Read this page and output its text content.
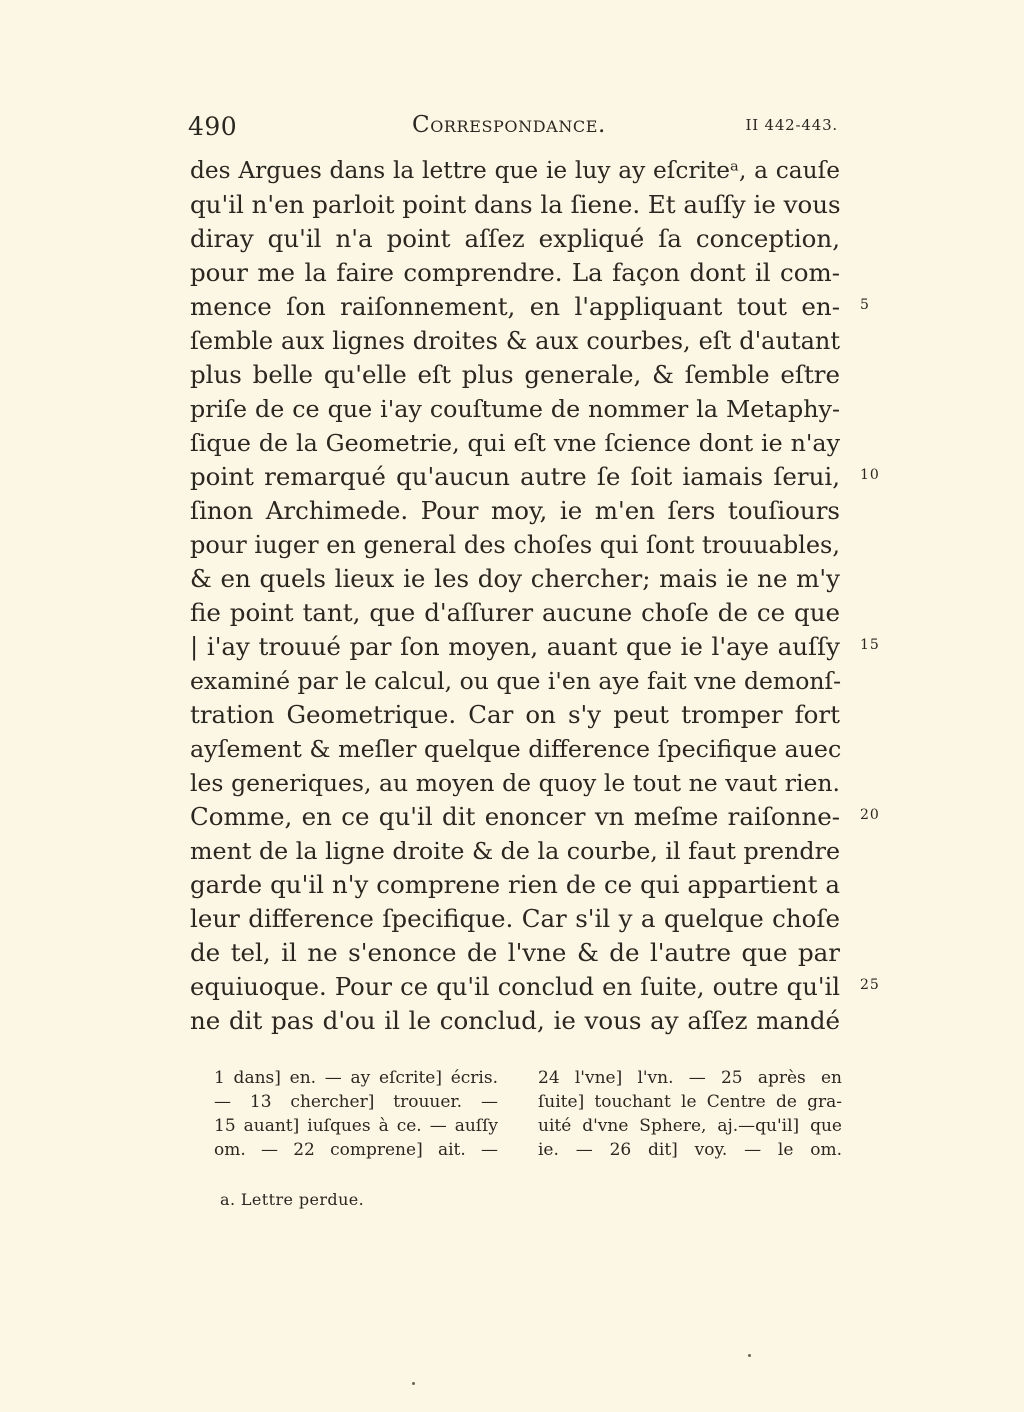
490	Correspondance.	II 442-443.
des Argues dans la lettre que ie luy ay eſcriteᵃ, a cauſe
qu'il n'en parloit point dans la ſiene. Et auſſy ie vous
diray qu'il n'a point aſſez expliqué ſa conception,
pour me la faire comprendre. La façon dont il com-
mence ſon raiſonnement, en l'appliquant tout en-
ſemble aux lignes droites & aux courbes, eſt d'autant
plus belle qu'elle eſt plus generale, & ſemble eſtre
priſe de ce que i'ay couſtume de nommer la Metaphy-
ſique de la Geometrie, qui eſt vne ſcience dont ie n'ay
point remarqué qu'aucun autre ſe ſoit iamais ſerui,
ſinon Archimede. Pour moy, ie m'en ſers touſiours
pour iuger en general des choſes qui ſont trouuables,
& en quels lieux ie les doy chercher; mais ie ne m'y
fie point tant, que d'aſſurer aucune choſe de ce que
| i'ay trouué par ſon moyen, auant que ie l'aye auſſy
examiné par le calcul, ou que i'en aye fait vne demonſ-
tration Geometrique. Car on s'y peut tromper fort
ayſement & meſler quelque difference ſpecifique auec
les generiques, au moyen de quoy le tout ne vaut rien.
Comme, en ce qu'il dit enoncer vn meſme raiſonne-
ment de la ligne droite & de la courbe, il faut prendre
garde qu'il n'y comprene rien de ce qui appartient a
leur difference ſpecifique. Car s'il y a quelque choſe
de tel, il ne s'enonce de l'vne & de l'autre que par
equiuoque. Pour ce qu'il conclud en ſuite, outre qu'il
ne dit pas d'ou il le conclud, ie vous ay aſſez mandé
5
10
15
20
25
1 dans] en. — ay eſcrite] écris.
— 13 chercher] trouuer. —
15 auant] iuſques à ce. — auſſy
om. — 22 comprene] ait. —
24 l'vne] l'vn. — 25 après en
ſuite] touchant le Centre de gra-
uité d'vne Sphere, aj.—qu'il] que
ie. — 26 dit] voy. — le om.
a. Lettre perdue.
